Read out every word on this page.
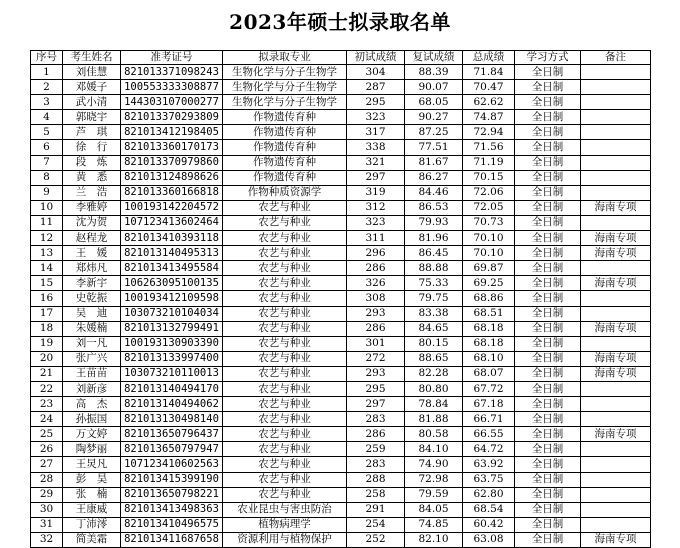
2023年硕士拟录取名单
序号	考生姓名	准考证号	拟录取专业	初试成绩	复试成绩	总成绩	学习方式	备注
1	刘佳慧	821013371098243	生物化学与分子生物学	304	88.39	71.84	全日制	
2	邓媛子	100553333308877	生物化学与分子生物学	287	90.07	70.47	全日制	
3	武小清	144303107000277	生物化学与分子生物学	295	68.05	62.62	全日制	
4	郭晓宇	821013370293809	作物遗传育种	323	90.27	74.87	全日制	
5	芦　琪	821013412198405	作物遗传育种	317	87.25	72.94	全日制	
6	徐　行	821013360170173	作物遗传育种	338	77.51	71.56	全日制	
7	段　炼	821013370979860	作物遗传育种	321	81.67	71.19	全日制	
8	黄　悉	821013124898626	作物遗传育种	297	86.27	70.15	全日制	
9	兰　浩	821013360166818	作物种质资源学	319	84.46	72.06	全日制	
10	李雅婷	100193142204572	农艺与种业	312	86.53	72.05	全日制	海南专项
11	沈为贺	107123413602464	农艺与种业	323	79.93	70.73	全日制	
12	赵程龙	821013410393118	农艺与种业	311	81.96	70.10	全日制	海南专项
13	王　媛	821013140495313	农艺与种业	296	86.45	70.10	全日制	海南专项
14	郑炜凡	821013413495584	农艺与种业	286	88.88	69.87	全日制	
15	李新宇	106263095100135	农艺与种业	326	75.33	69.25	全日制	海南专项
16	史乾振	100193412109598	农艺与种业	308	79.75	68.86	全日制	
17	吴　迪	103073210104034	农艺与种业	293	83.38	68.51	全日制	
18	朱媛楠	821013132799491	农艺与种业	286	84.65	68.18	全日制	海南专项
19	刘一凡	100193130903390	农艺与种业	301	80.15	68.18	全日制	
20	张广兴	821013133997400	农艺与种业	272	88.65	68.10	全日制	海南专项
21	王苗苗	103073210110013	农艺与种业	293	82.28	68.07	全日制	海南专项
22	刘新彦	821013140494170	农艺与种业	295	80.80	67.72	全日制	
23	高　杰	821013140494062	农艺与种业	297	78.84	67.18	全日制	
24	孙振国	821013130498140	农艺与种业	283	81.88	66.71	全日制	
25	万文婷	821013650796437	农艺与种业	286	80.58	66.55	全日制	海南专项
26	陶梦丽	821013650797947	农艺与种业	259	84.10	64.72	全日制	
27	王炅凡	107123410602563	农艺与种业	283	74.90	63.92	全日制	
28	彭　昊	821013415399190	农艺与种业	288	72.98	63.75	全日制	
29	张　楠	821013650798221	农艺与种业	258	79.59	62.80	全日制	
30	王康威	821013413498363	农业昆虫与害虫防治	291	84.05	68.54	全日制	
31	丁沛澪	821013410496575	植物病理学	254	74.85	60.42	全日制	
32	简美霜	821013411687658	资源利用与植物保护	252	82.10	63.08	全日制	海南专项
